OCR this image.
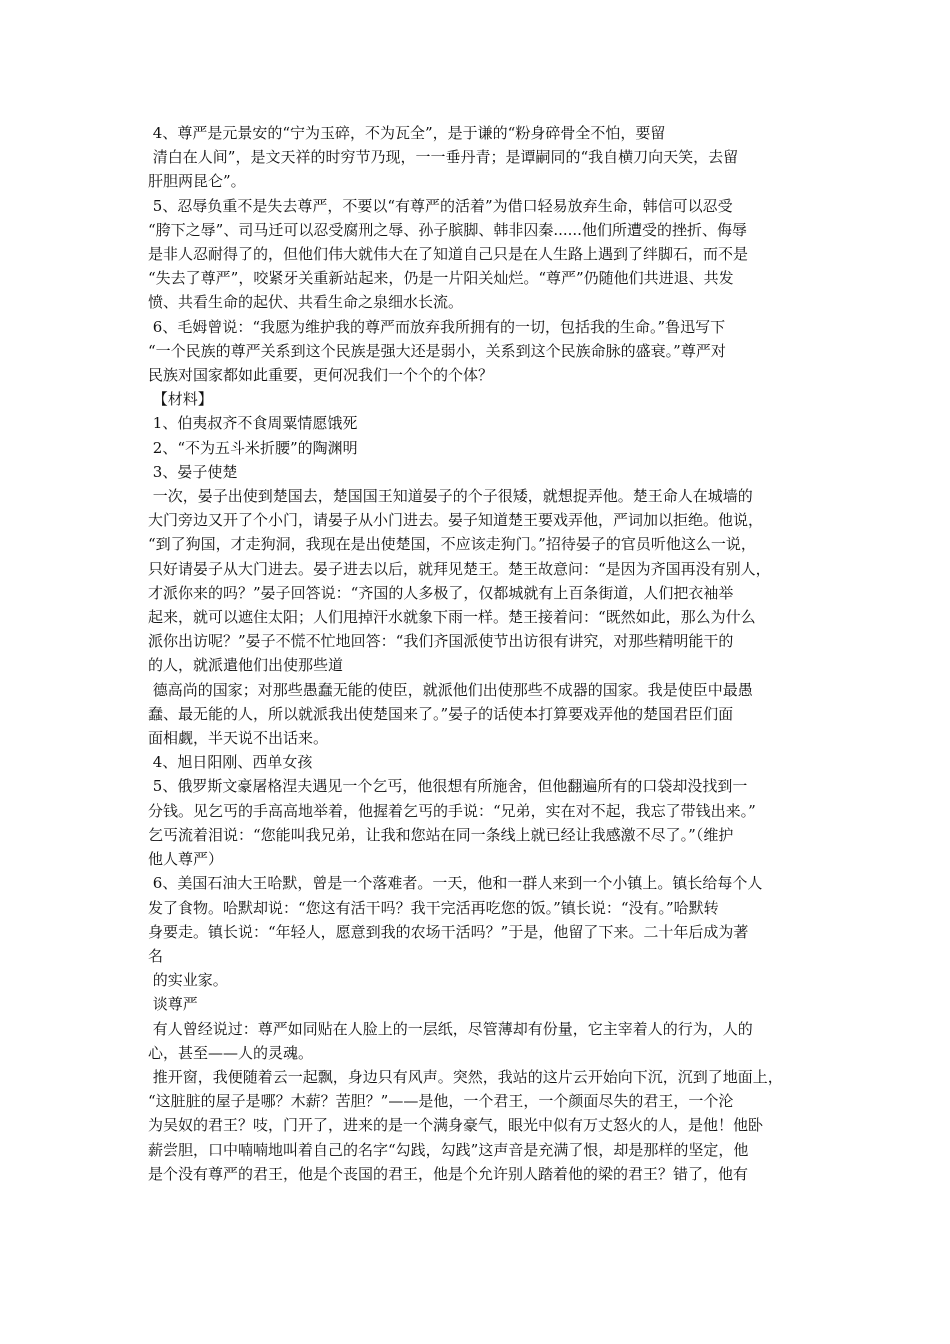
4、尊严是元景安的“宁为玉碎，不为瓦全”，是于谦的“粉身碎骨全不怕，要留

清白在人间”，是文天祥的时穷节乃现，一一垂丹青；是谭嗣同的“我自横刀向天笑，去留

肝胆两昆仑”。

5、忍辱负重不是失去尊严，不要以“有尊严的活着”为借口轻易放弃生命，韩信可以忍受

“胯下之辱”、司马迁可以忍受腐刑之辱、孙子膑脚、韩非囚秦......他们所遭受的挫折、侮辱

是非人忍耐得了的，但他们伟大就伟大在了知道自己只是在人生路上遇到了绊脚石，而不是

“失去了尊严”，咬紧牙关重新站起来，仍是一片阳关灿烂。“尊严”仍随他们共进退、共发

愤、共看生命的起伏、共看生命之泉细水长流。

6、毛姆曾说：“我愿为维护我的尊严而放弃我所拥有的一切，包括我的生命。”鲁迅写下

“一个民族的尊严关系到这个民族是强大还是弱小，关系到这个民族命脉的盛衰。”尊严对

民族对国家都如此重要，更何况我们一个个的个体？

【材料】

1、伯夷叔齐不食周粟情愿饿死

2、“不为五斗米折腰”的陶渊明

3、晏子使楚

一次，晏子出使到楚国去，楚国国王知道晏子的个子很矮，就想捉弄他。楚王命人在城墙的

大门旁边又开了个小门，请晏子从小门进去。晏子知道楚王要戏弄他，严词加以拒绝。他说，

“到了狗国，才走狗洞，我现在是出使楚国，不应该走狗门。”招待晏子的官员听他这么一说，

只好请晏子从大门进去。晏子进去以后，就拜见楚王。楚王故意问：“是因为齐国再没有别人，

才派你来的吗？”晏子回答说：“齐国的人多极了，仅都城就有上百条街道，人们把衣袖举

起来，就可以遮住太阳；人们甩掉汗水就象下雨一样。楚王接着问：“既然如此，那么为什么

派你出访呢？”晏子不慌不忙地回答：“我们齐国派使节出访很有讲究，对那些精明能干的

的人，就派遣他们出使那些道

德高尚的国家；对那些愚蠢无能的使臣，就派他们出使那些不成器的国家。我是使臣中最愚

蠢、最无能的人，所以就派我出使楚国来了。”晏子的话使本打算要戏弄他的楚国君臣们面

面相觑，半天说不出话来。

4、旭日阳刚、西单女孩

5、俄罗斯文豪屠格涅夫遇见一个乞丐，他很想有所施舍，但他翻遍所有的口袋却没找到一

分钱。见乞丐的手高高地举着，他握着乞丐的手说：“兄弟，实在对不起，我忘了带钱出来。”

乞丐流着泪说：“您能叫我兄弟，让我和您站在同一条线上就已经让我感激不尽了。”（维护

他人尊严）

6、美国石油大王哈默，曾是一个落难者。一天，他和一群人来到一个小镇上。镇长给每个人

发了食物。哈默却说：“您这有活干吗？我干完活再吃您的饭。”镇长说：“没有。”哈默转

身要走。镇长说：“年轻人，愿意到我的农场干活吗？”于是，他留了下来。二十年后成为著

名

的实业家。

谈尊严

有人曾经说过：尊严如同贴在人脸上的一层纸，尽管薄却有份量，它主宰着人的行为，人的

心，甚至——人的灵魂。

推开窗，我便随着云一起飘，身边只有风声。突然，我站的这片云开始向下沉，沉到了地面上，

“这脏脏的屋子是哪？木薪？苦胆？”——是他，一个君王，一个颜面尽失的君王，一个沦

为吴奴的君王？吱，门开了，进来的是一个满身豪气，眼光中似有万丈怒火的人，是他！他卧

薪尝胆，口中喃喃地叫着自己的名字“勾践，勾践”这声音是充满了恨，却是那样的坚定，他

是个没有尊严的君王，他是个丧国的君王，他是个允许别人踏着他的梁的君王？错了，他有
